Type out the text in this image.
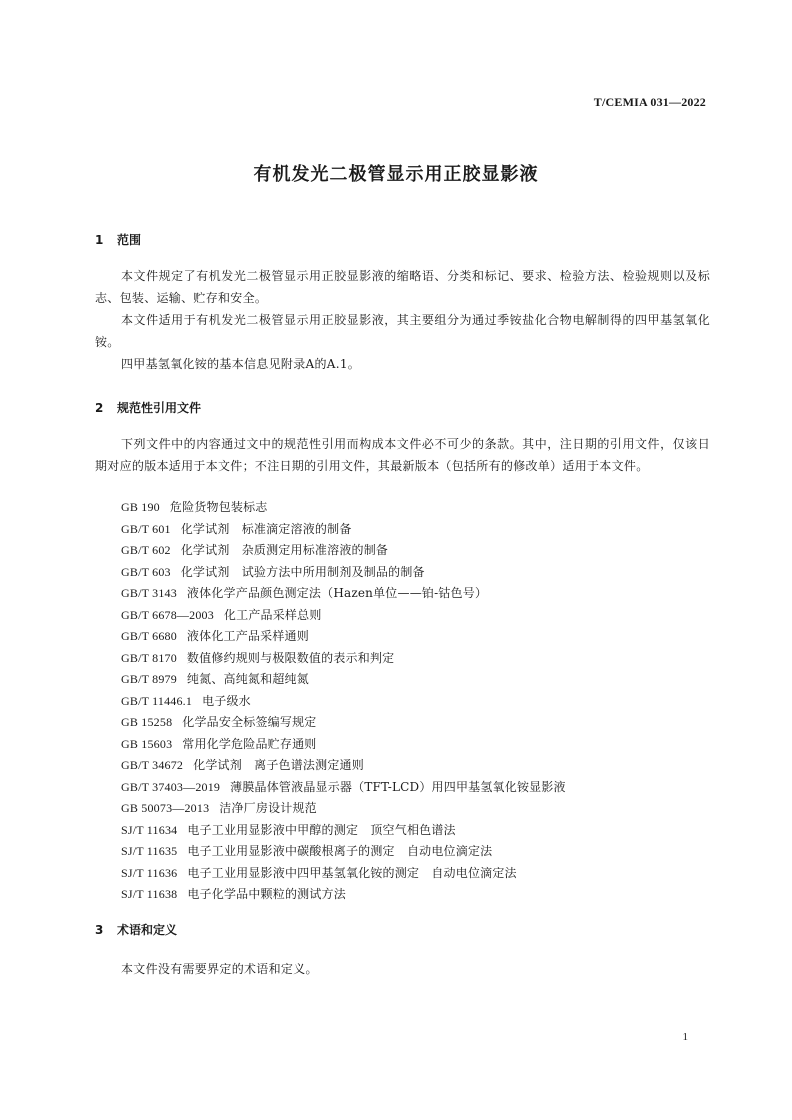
T/CEMIA 031—2022
有机发光二极管显示用正胶显影液
1 范围
本文件规定了有机发光二极管显示用正胶显影液的缩略语、分类和标记、要求、检验方法、检验规则以及标志、包装、运输、贮存和安全。
本文件适用于有机发光二极管显示用正胶显影液，其主要组分为通过季铵盐化合物电解制得的四甲基氢氧化铵。
四甲基氢氧化铵的基本信息见附录A的A.1。
2 规范性引用文件
下列文件中的内容通过文中的规范性引用而构成本文件必不可少的条款。其中，注日期的引用文件，仅该日期对应的版本适用于本文件；不注日期的引用文件，其最新版本（包括所有的修改单）适用于本文件。
GB 190 危险货物包装标志
GB/T 601 化学试剂　标准滴定溶液的制备
GB/T 602 化学试剂　杂质测定用标准溶液的制备
GB/T 603 化学试剂　试验方法中所用制剂及制品的制备
GB/T 3143 液体化学产品颜色测定法（Hazen单位——铂-钴色号）
GB/T 6678—2003 化工产品采样总则
GB/T 6680 液体化工产品采样通则
GB/T 8170 数值修约规则与极限数值的表示和判定
GB/T 8979 纯氮、高纯氮和超纯氮
GB/T 11446.1 电子级水
GB 15258 化学品安全标签编写规定
GB 15603 常用化学危险品贮存通则
GB/T 34672 化学试剂　离子色谱法测定通则
GB/T 37403—2019 薄膜晶体管液晶显示器（TFT-LCD）用四甲基氢氧化铵显影液
GB 50073—2013 洁净厂房设计规范
SJ/T 11634 电子工业用显影液中甲醇的测定　顶空气相色谱法
SJ/T 11635 电子工业用显影液中碳酸根离子的测定　自动电位滴定法
SJ/T 11636 电子工业用显影液中四甲基氢氧化铵的测定　自动电位滴定法
SJ/T 11638 电子化学品中颗粒的测试方法
3 术语和定义
本文件没有需要界定的术语和定义。
1
